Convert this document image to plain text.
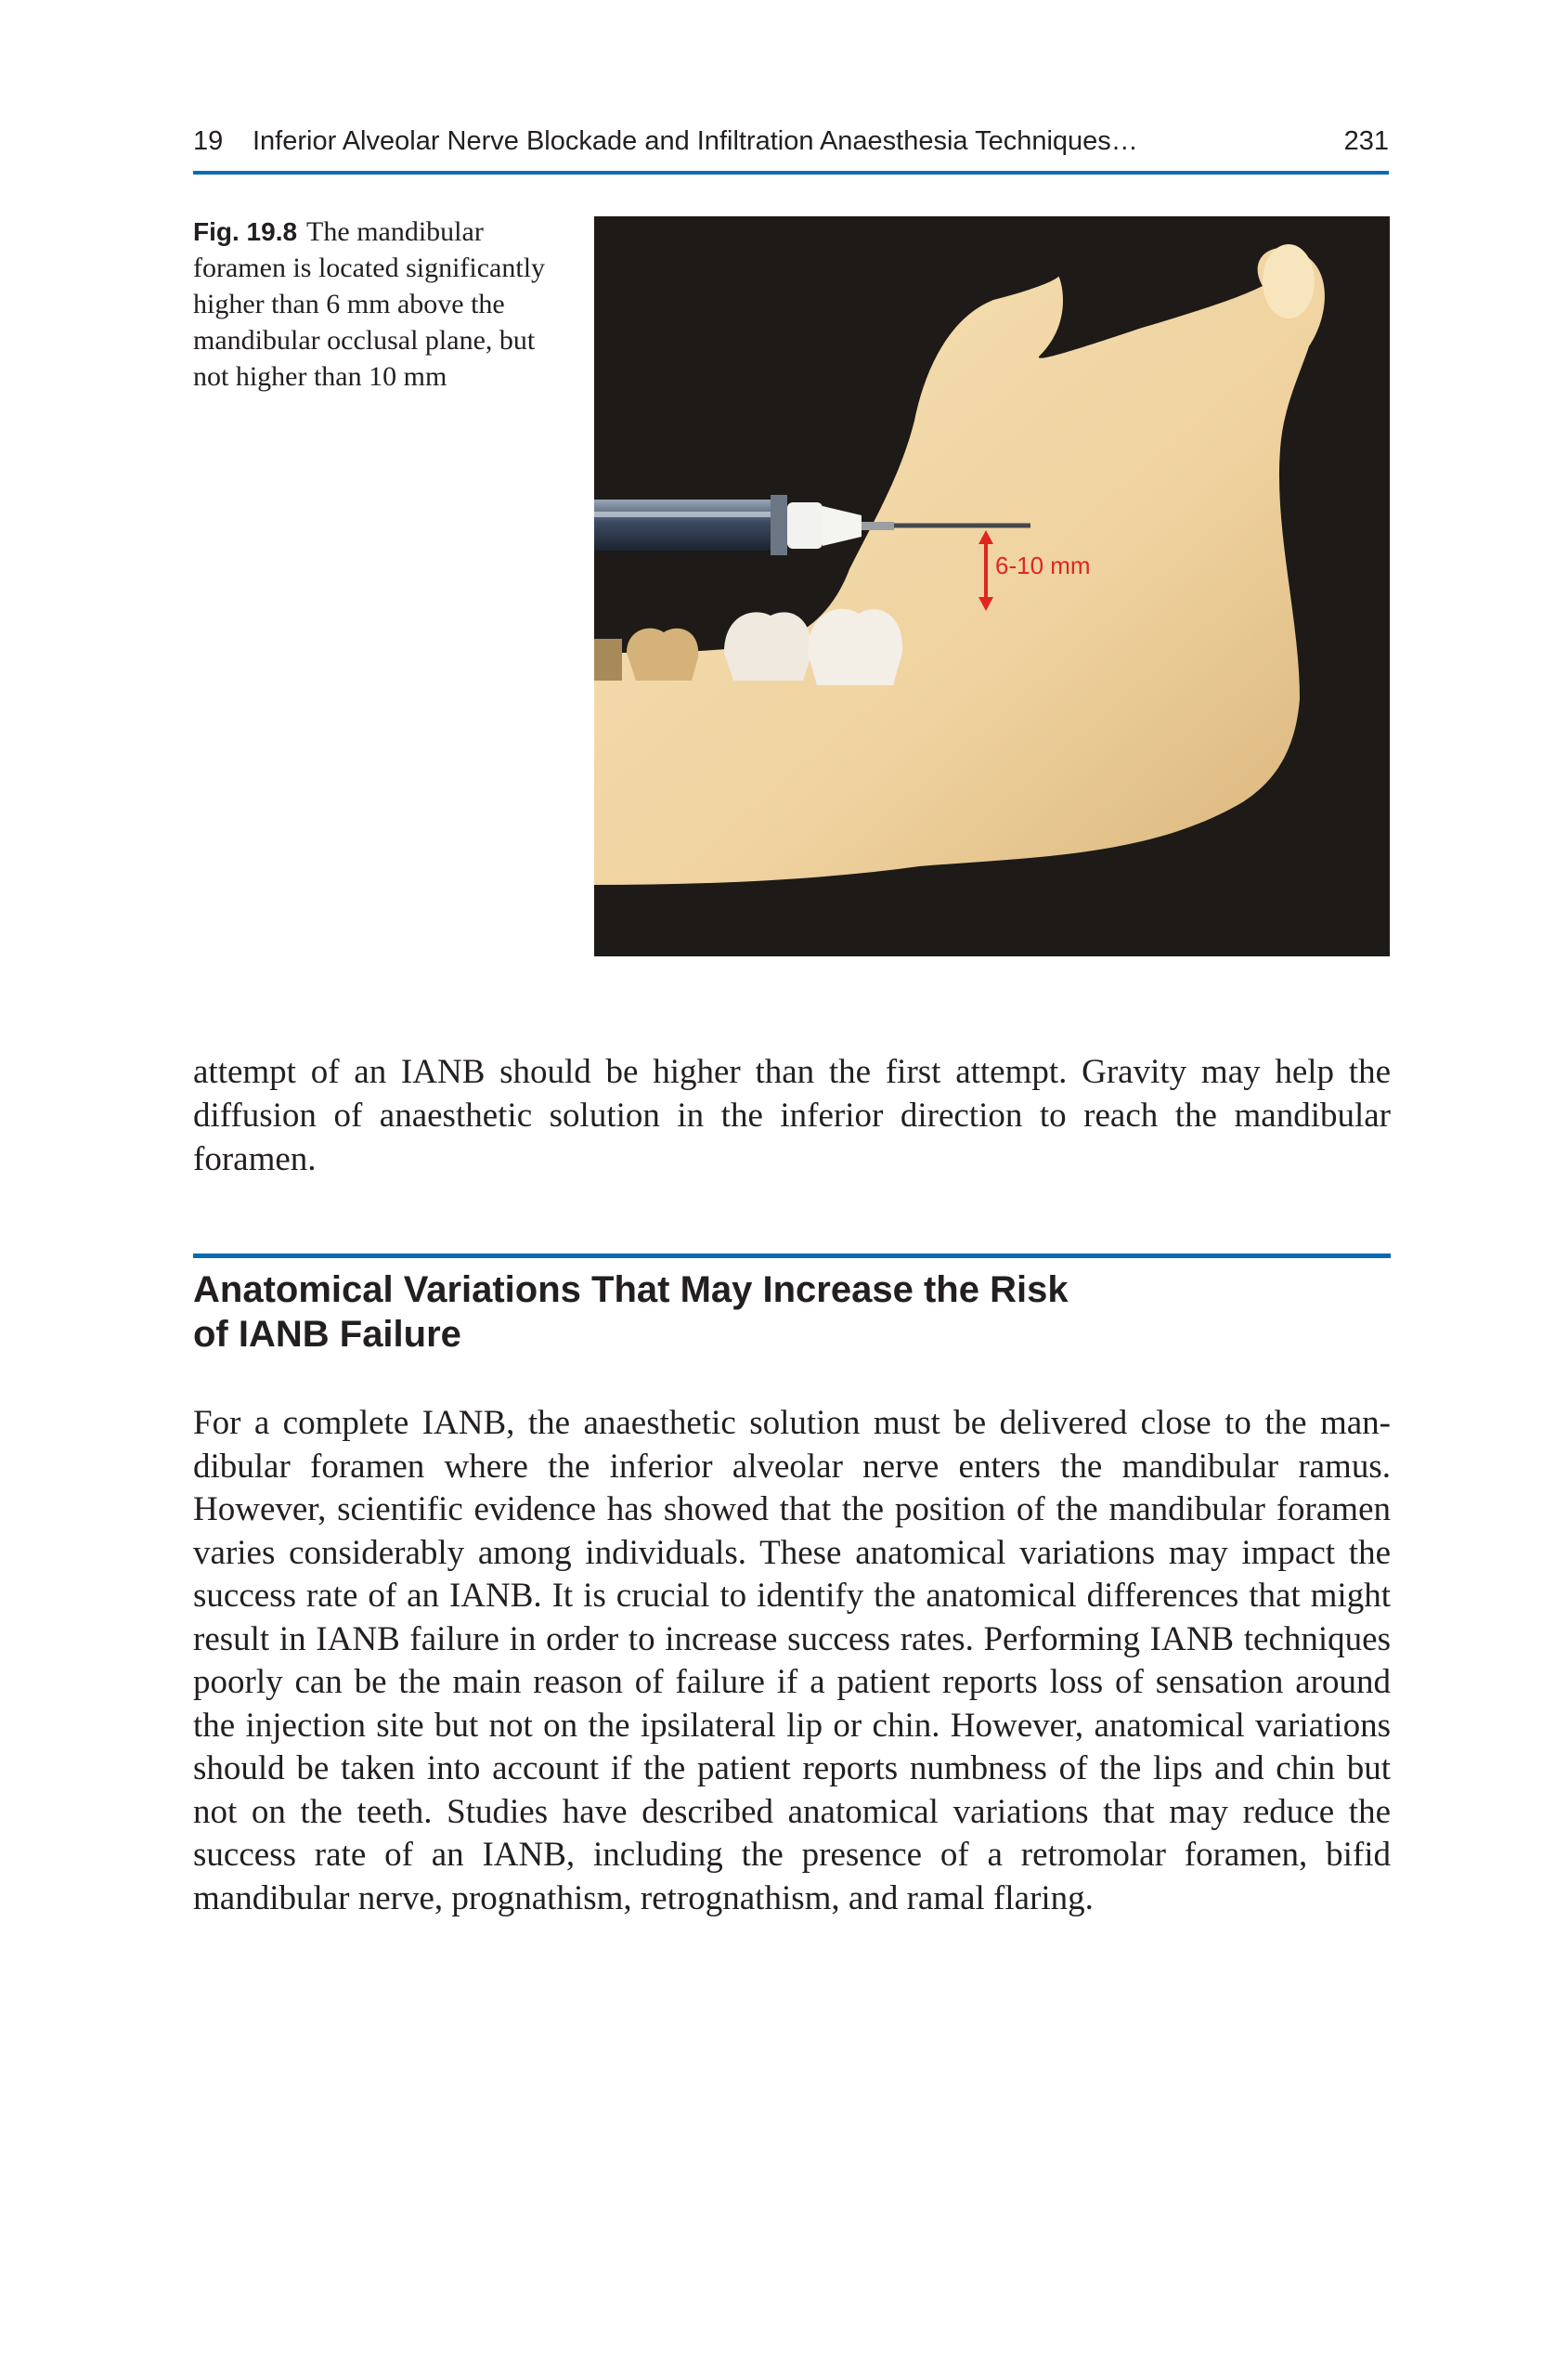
19 Inferior Alveolar Nerve Blockade and Infiltration Anaesthesia Techniques…	231
Fig. 19.8 The mandibular foramen is located significantly higher than 6 mm above the mandibular occlusal plane, but not higher than 10 mm
6-10 mm

attempt of an IANB should be higher than the first attempt. Gravity may help the diffusion of anaesthetic solution in the inferior direction to reach the mandibular foramen.

Anatomical Variations That May Increase the Risk
of IANB Failure

For a complete IANB, the anaesthetic solution must be delivered close to the mandibular foramen where the inferior alveolar nerve enters the mandibular ramus. However, scientific evidence has showed that the position of the mandibular foramen varies considerably among individuals. These anatomical variations may impact the success rate of an IANB. It is crucial to identify the anatomical differences that might result in IANB failure in order to increase success rates. Performing IANB techniques poorly can be the main reason of failure if a patient reports loss of sensation around the injection site but not on the ipsilateral lip or chin. However, anatomical variations should be taken into account if the patient reports numbness of the lips and chin but not on the teeth. Studies have described anatomical variations that may reduce the success rate of an IANB, including the presence of a retromolar foramen, bifid mandibular nerve, prognathism, retrognathism, and ramal flaring.
